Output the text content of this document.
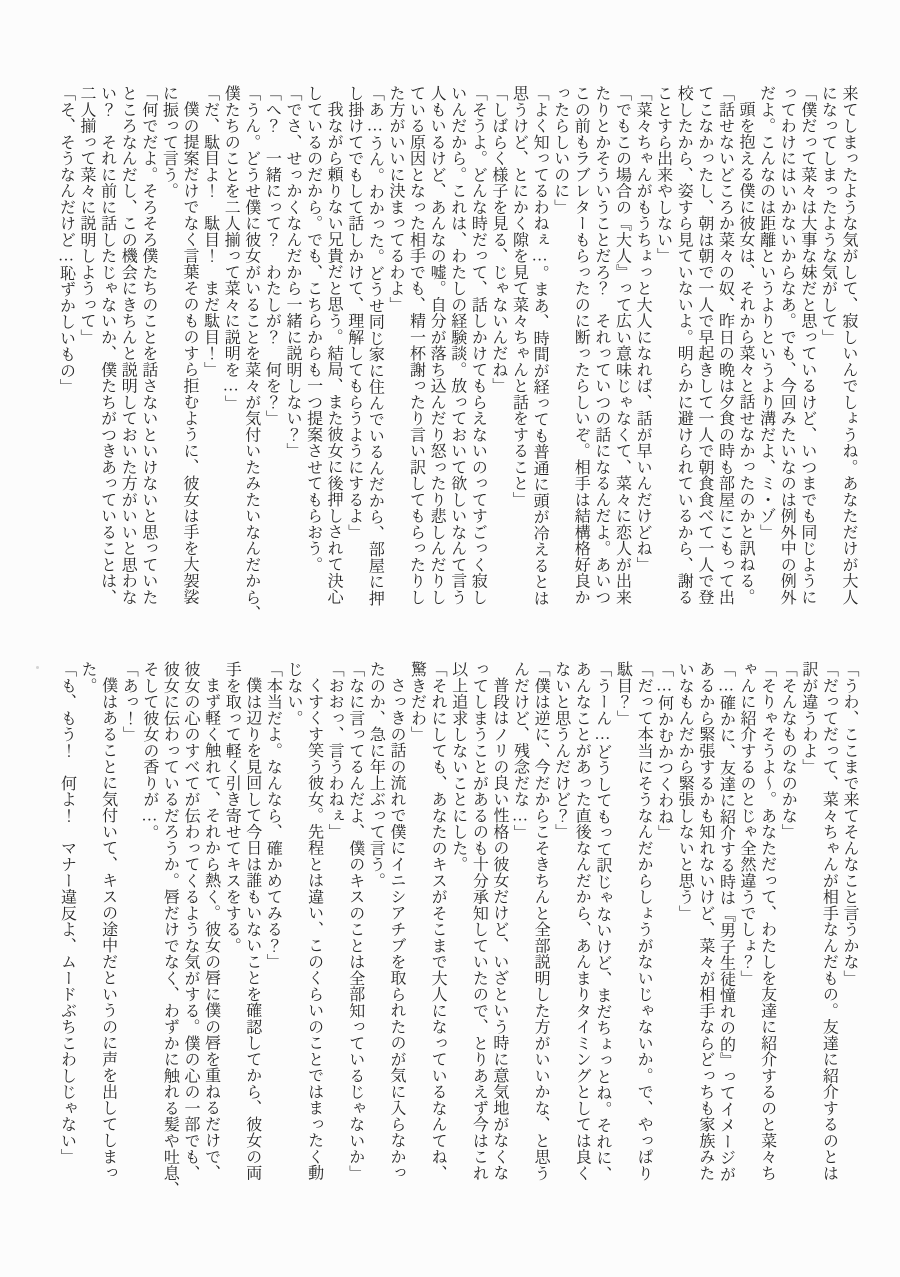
来てしまったような気がして、寂しいんでしょうね。あなただけが大人

になってしまったような気がして」

「僕だって菜々は大事な妹だと思っているけど、いつまでも同じように

ってわけにはいかないからなあ。でも、今回みたいなのは例外中の例外

だよ。こんなのは距離というよりというより溝だよ、ミ・ゾ」

頭を抱える僕に彼女は、それから菜々と話せなかったのかと訊ねる。

「話せないどころか菜々の奴、昨日の晩は夕食の時も部屋にこもって出

てこなかったし、朝は朝で一人で早起きして一人で朝食食べて一人で登

校したから、姿すら見ていないよ。明らかに避けられているから、謝る

ことすら出来やしない」

「菜々ちゃんがもうちょっと大人になれば、話が早いんだけどね」

「でもこの場合の『大人』って広い意味じゃなくて、菜々に恋人が出来

たりとかそういうことだろ？　それっていつの話になるんだよ。あいつ

この前もラブレターもらったのに断ったらしいぞ。相手は結構格好良か

ったらしいのに」

「よく知ってるわねぇ…。まあ、時間が経っても普通に頭が冷えるとは

思うけど、とにかく隙を見て菜々ちゃんと話をすること」

「しばらく様子を見る、じゃないんだね」

「そうよ。どんな時だって、話しかけてもらえないのってすごっく寂し

いんだから。これは、わたしの経験談。放っておいて欲しいなんて言う

人もいるけど、あんなの嘘。自分が落ち込んだり怒ったり悲しんだりし

ている原因となった相手でも、精一杯謝ったり言い訳してもらったりし

た方がいいに決まってるわよ」

「あ…うん。わかった。どうせ同じ家に住んでいるんだから、部屋に押

し掛けてでもして話しかけて、理解してもらうようにするよ」

我ながら頼りない兄貴だと思う。結局、また彼女に後押しされて決心

しているのだから。でも、こちらからも一つ提案させてもらおう。

「でさ、せっかくなんだから一緒に説明しない？」

「へ？　一緒にって？　わたしが？　何を？」

「うん。どうせ僕に彼女がいることを菜々が気付いたみたいなんだから、

僕たちのことを二人揃って菜々に説明を…」

「だ、駄目よ！　駄目！　まだ駄目！」

僕の提案だけでなく言葉そのものすら拒むように、彼女は手を大袈裟

に振って言う。

「何でだよ。そろそろ僕たちのことを話さないといけないと思っていた

ところなんだし、この機会にきちんと説明しておいた方がいいと思わな

い？　それに前に話したじゃないか、僕たちがつきあっていることは、

二人揃って菜々に説明しようって」

「そ、そうなんだけど…恥ずかしいもの」

「うわ、ここまで来てそんなこと言うかな」

「だってだって、菜々ちゃんが相手なんだもの。友達に紹介するのとは

訳が違うわよ」

「そんなものなのかな」

「そりゃそうよ～。あなただって、わたしを友達に紹介するのと菜々ち

ゃんに紹介するのとじゃ全然違うでしょ？」

「…確かに、友達に紹介する時は『男子生徒憧れの的』ってイメージが

あるから緊張するかも知れないけど、菜々が相手ならどっちも家族みた

いなもんだから緊張しないと思う」

「…何かむかつくわね」

「だって本当にそうなんだからしょうがないじゃないか。で、やっぱり

駄目？」

「うーん…どうしてもって訳じゃないけど、まだちょっとね。それに、

あんなことがあった直後なんだから、あんまりタイミングとしては良く

ないと思うんだけど？」

「僕は逆に、今だからこそきちんと全部説明した方がいいかな、と思う

んだけど、残念だな…」

普段はノリの良い性格の彼女だけど、いざという時に意気地がなくな

ってしまうことがあるのも十分承知していたので、とりあえず今はこれ

以上追求しないことにした。

「それにしても、あなたのキスがそこまで大人になっているなんてね、

驚きだわ」

さっきの話の流れで僕にイニシアチブを取られたのが気に入らなかっ

たのか、急に年上ぶって言う。

「なに言ってるんだよ、僕のキスのことは全部知っているじゃないか」

「おおっ、言うわねぇ」

くすくす笑う彼女。先程とは違い、このくらいのことではまったく動

じない。

「本当だよ。なんなら、確かめてみる？」

僕は辺りを見回して今日は誰もいないことを確認してから、彼女の両

手を取って軽く引き寄せてキスをする。

まず軽く触れて、それから熱く。彼女の唇に僕の唇を重ねるだけで、

彼女の心のすべてが伝わってくるような気がする。僕の心の一部でも、

彼女に伝わっているだろうか。唇だけでなく、わずかに触れる髪や吐息、

そして彼女の香りが…。

「あっ！」

僕はあることに気付いて、キスの途中だというのに声を出してしまっ

た。

「も、もう！　何よ！　マナー違反よ、ムードぶちこわしじゃない」
